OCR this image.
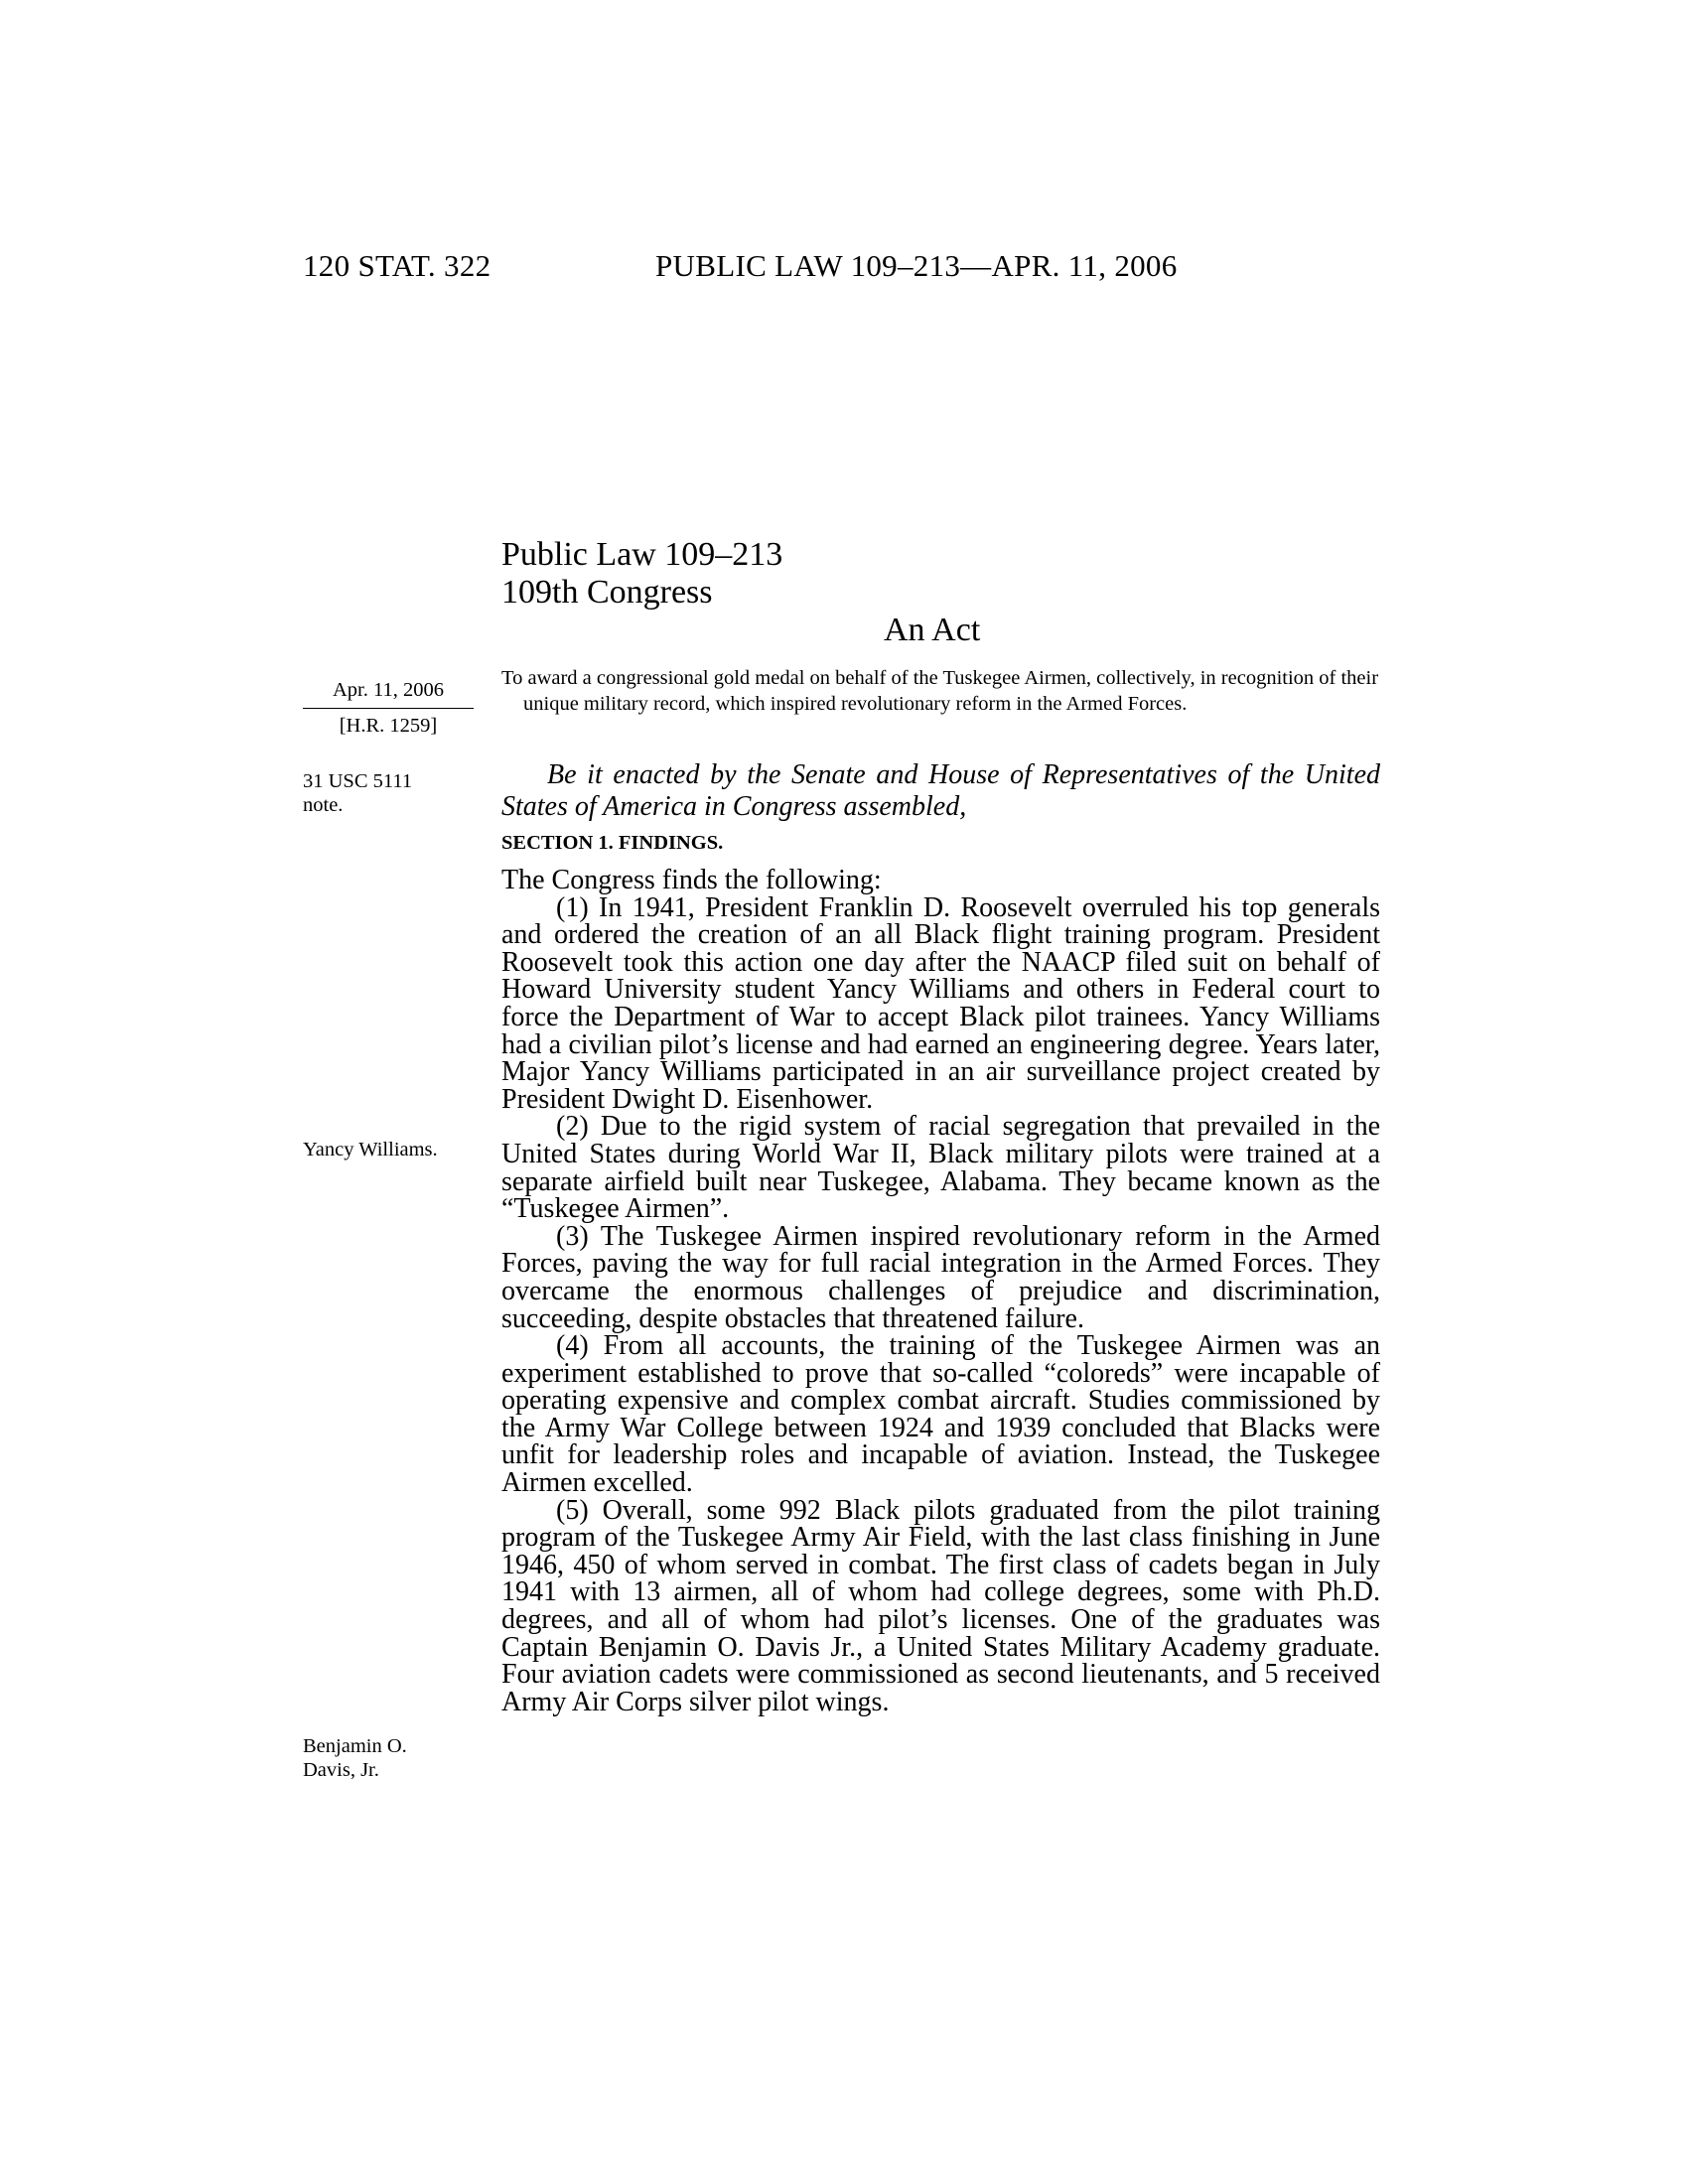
120 STAT. 322	PUBLIC LAW 109–213—APR. 11, 2006
Public Law 109–213
109th Congress
An Act
To award a congressional gold medal on behalf of the Tuskegee Airmen, collectively, in recognition of their unique military record, which inspired revolutionary reform in the Armed Forces.
Apr. 11, 2006
[H.R. 1259]
31 USC 5111 note.
Yancy Williams.
Benjamin O. Davis, Jr.

Be it enacted by the Senate and House of Representatives of the United States of America in Congress assembled,

SECTION 1. FINDINGS.

The Congress finds the following:

(1) In 1941, President Franklin D. Roosevelt overruled his top generals and ordered the creation of an all Black flight training program. President Roosevelt took this action one day after the NAACP filed suit on behalf of Howard University student Yancy Williams and others in Federal court to force the Department of War to accept Black pilot trainees. Yancy Williams had a civilian pilot’s license and had earned an engineering degree. Years later, Major Yancy Williams participated in an air surveillance project created by President Dwight D. Eisenhower.

(2) Due to the rigid system of racial segregation that prevailed in the United States during World War II, Black military pilots were trained at a separate airfield built near Tuskegee, Alabama. They became known as the “Tuskegee Airmen”.

(3) The Tuskegee Airmen inspired revolutionary reform in the Armed Forces, paving the way for full racial integration in the Armed Forces. They overcame the enormous challenges of prejudice and discrimination, succeeding, despite obstacles that threatened failure.

(4) From all accounts, the training of the Tuskegee Airmen was an experiment established to prove that so-called “coloreds” were incapable of operating expensive and complex combat aircraft. Studies commissioned by the Army War College between 1924 and 1939 concluded that Blacks were unfit for leadership roles and incapable of aviation. Instead, the Tuskegee Airmen excelled.

(5) Overall, some 992 Black pilots graduated from the pilot training program of the Tuskegee Army Air Field, with the last class finishing in June 1946, 450 of whom served in combat. The first class of cadets began in July 1941 with 13 airmen, all of whom had college degrees, some with Ph.D. degrees, and all of whom had pilot’s licenses. One of the graduates was Captain Benjamin O. Davis Jr., a United States Military Academy graduate. Four aviation cadets were commissioned as second lieutenants, and 5 received Army Air Corps silver pilot wings.
